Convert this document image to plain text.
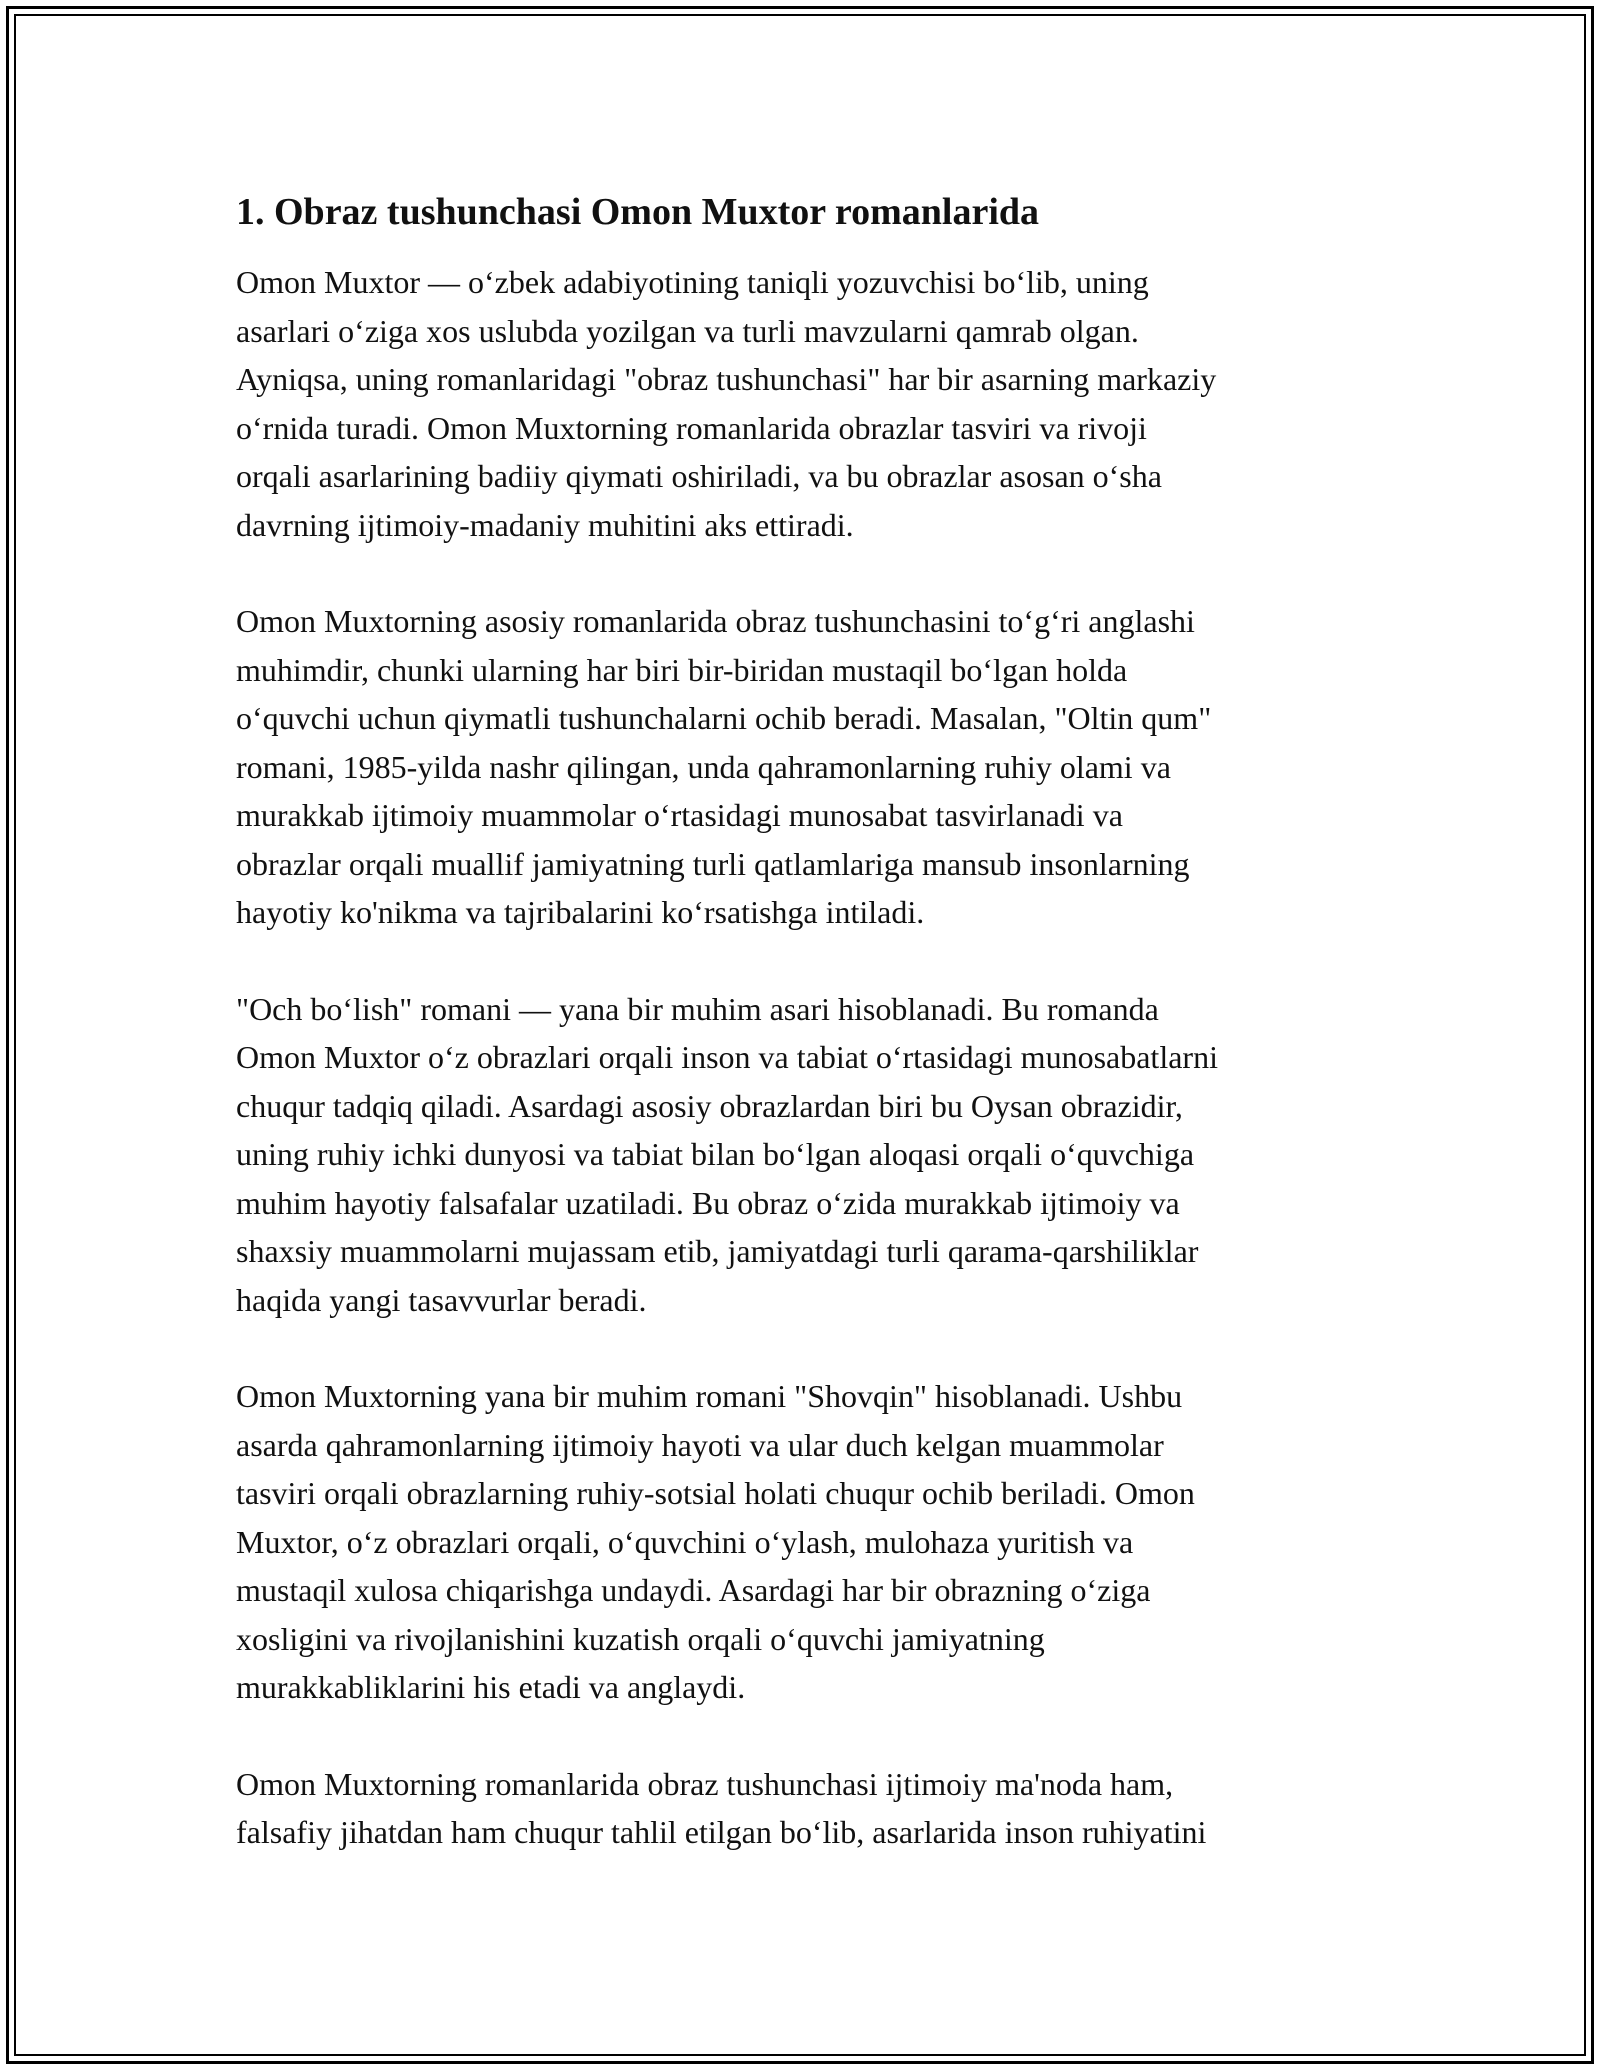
1. Obraz tushunchasi Omon Muxtor romanlarida
Omon Muxtor — oʻzbek adabiyotining taniqli yozuvchisi boʻlib, uning
asarlari oʻziga xos uslubda yozilgan va turli mavzularni qamrab olgan.
Ayniqsa, uning romanlaridagi "obraz tushunchasi" har bir asarning markaziy
oʻrnida turadi. Omon Muxtorning romanlarida obrazlar tasviri va rivoji
orqali asarlarining badiiy qiymati oshiriladi, va bu obrazlar asosan oʻsha
davrning ijtimoiy-madaniy muhitini aks ettiradi.
Omon Muxtorning asosiy romanlarida obraz tushunchasini toʻgʻri anglashi
muhimdir, chunki ularning har biri bir-biridan mustaqil boʻlgan holda
oʻquvchi uchun qiymatli tushunchalarni ochib beradi. Masalan, "Oltin qum"
romani, 1985-yilda nashr qilingan, unda qahramonlarning ruhiy olami va
murakkab ijtimoiy muammolar oʻrtasidagi munosabat tasvirlanadi va
obrazlar orqali muallif jamiyatning turli qatlamlariga mansub insonlarning
hayotiy ko'nikma va tajribalarini koʻrsatishga intiladi.
"Och boʻlish" romani — yana bir muhim asari hisoblanadi. Bu romanda
Omon Muxtor oʻz obrazlari orqali inson va tabiat oʻrtasidagi munosabatlarni
chuqur tadqiq qiladi. Asardagi asosiy obrazlardan biri bu Oysan obrazidir,
uning ruhiy ichki dunyosi va tabiat bilan boʻlgan aloqasi orqali oʻquvchiga
muhim hayotiy falsafalar uzatiladi. Bu obraz oʻzida murakkab ijtimoiy va
shaxsiy muammolarni mujassam etib, jamiyatdagi turli qarama-qarshiliklar
haqida yangi tasavvurlar beradi.
Omon Muxtorning yana bir muhim romani "Shovqin" hisoblanadi. Ushbu
asarda qahramonlarning ijtimoiy hayoti va ular duch kelgan muammolar
tasviri orqali obrazlarning ruhiy-sotsial holati chuqur ochib beriladi. Omon
Muxtor, oʻz obrazlari orqali, oʻquvchini oʻylash, mulohaza yuritish va
mustaqil xulosa chiqarishga undaydi. Asardagi har bir obrazning oʻziga
xosligini va rivojlanishini kuzatish orqali oʻquvchi jamiyatning
murakkabliklarini his etadi va anglaydi.
Omon Muxtorning romanlarida obraz tushunchasi ijtimoiy ma'noda ham,
falsafiy jihatdan ham chuqur tahlil etilgan boʻlib, asarlarida inson ruhiyatini
